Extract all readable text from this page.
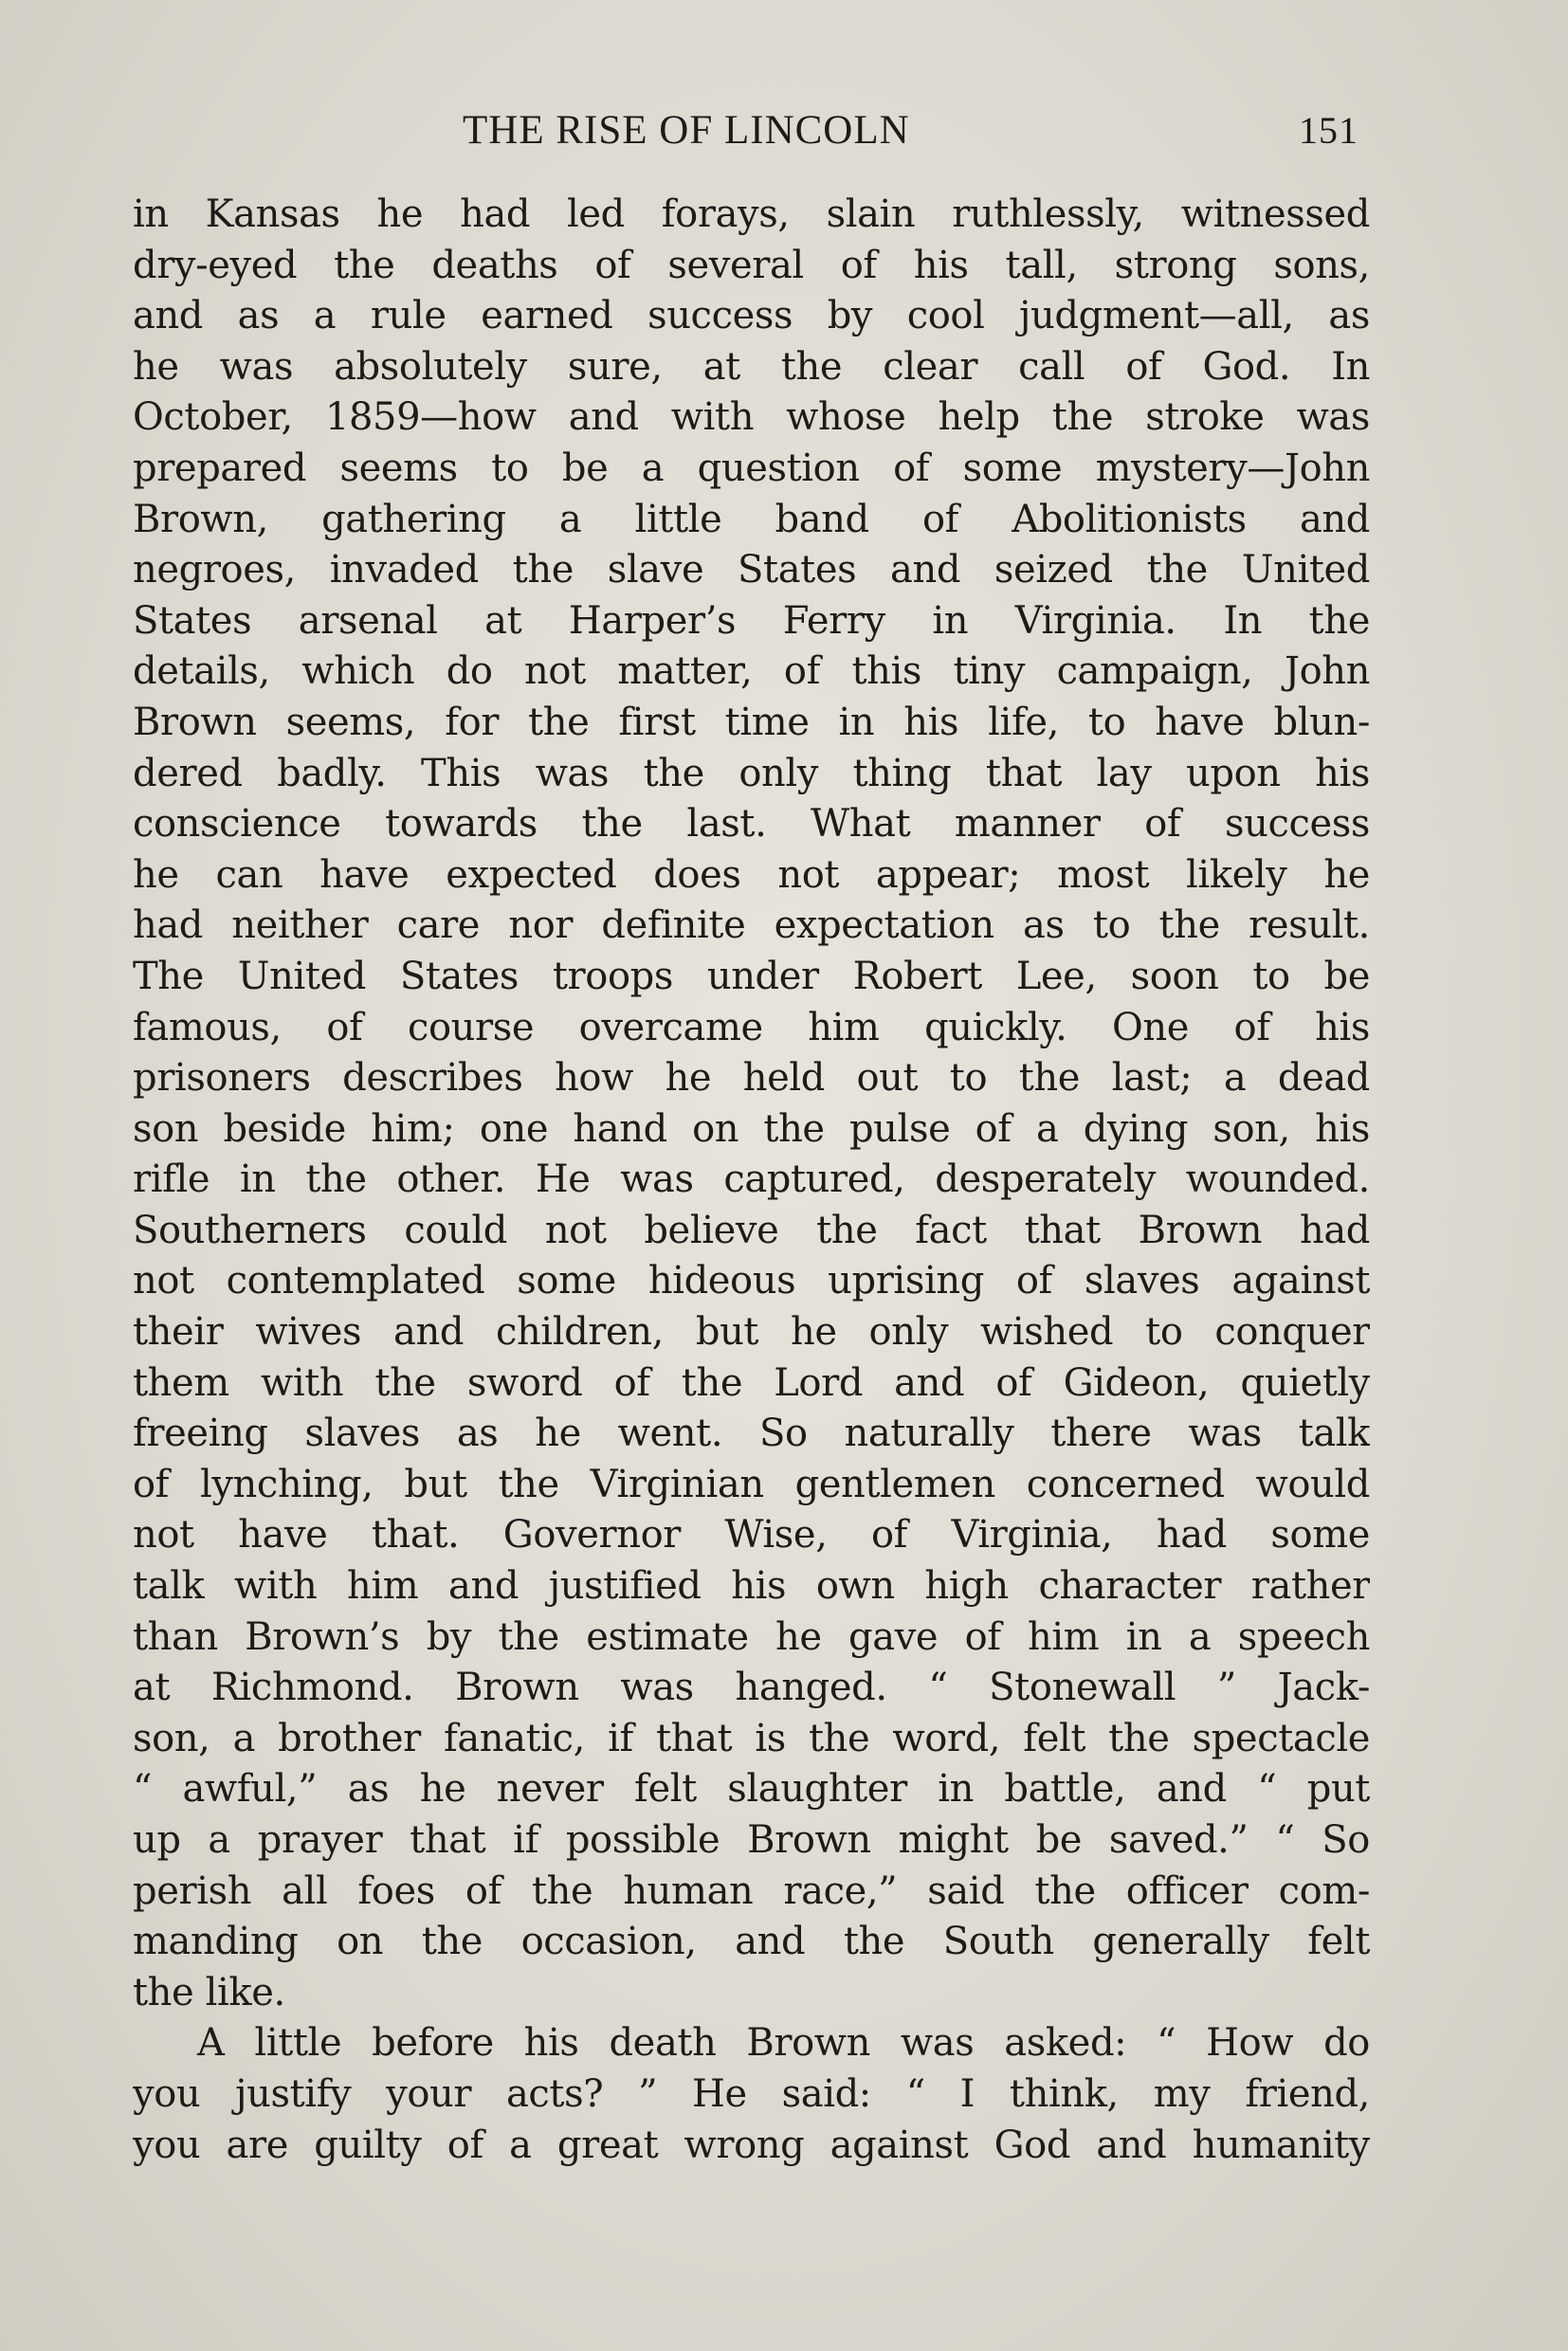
THE RISE OF LINCOLN	151
in Kansas he had led forays, slain ruthlessly, witnessed
dry-eyed the deaths of several of his tall, strong sons,
and as a rule earned success by cool judgment—all, as
he was absolutely sure, at the clear call of God. In
October, 1859—how and with whose help the stroke was
prepared seems to be a question of some mystery—John
Brown, gathering a little band of Abolitionists and
negroes, invaded the slave States and seized the United
States arsenal at Harper’s Ferry in Virginia. In the
details, which do not matter, of this tiny campaign, John
Brown seems, for the first time in his life, to have blun-
dered badly. This was the only thing that lay upon his
conscience towards the last. What manner of success
he can have expected does not appear; most likely he
had neither care nor definite expectation as to the result.
The United States troops under Robert Lee, soon to be
famous, of course overcame him quickly. One of his
prisoners describes how he held out to the last; a dead
son beside him; one hand on the pulse of a dying son, his
rifle in the other. He was captured, desperately wounded.
Southerners could not believe the fact that Brown had
not contemplated some hideous uprising of slaves against
their wives and children, but he only wished to conquer
them with the sword of the Lord and of Gideon, quietly
freeing slaves as he went. So naturally there was talk
of lynching, but the Virginian gentlemen concerned would
not have that. Governor Wise, of Virginia, had some
talk with him and justified his own high character rather
than Brown’s by the estimate he gave of him in a speech
at Richmond. Brown was hanged. “ Stonewall ” Jack-
son, a brother fanatic, if that is the word, felt the spectacle
“ awful,” as he never felt slaughter in battle, and “ put
up a prayer that if possible Brown might be saved.” “ So
perish all foes of the human race,” said the officer com-
manding on the occasion, and the South generally felt
the like.
A little before his death Brown was asked: “ How do
you justify your acts? ” He said: “ I think, my friend,
you are guilty of a great wrong against God and humanity
